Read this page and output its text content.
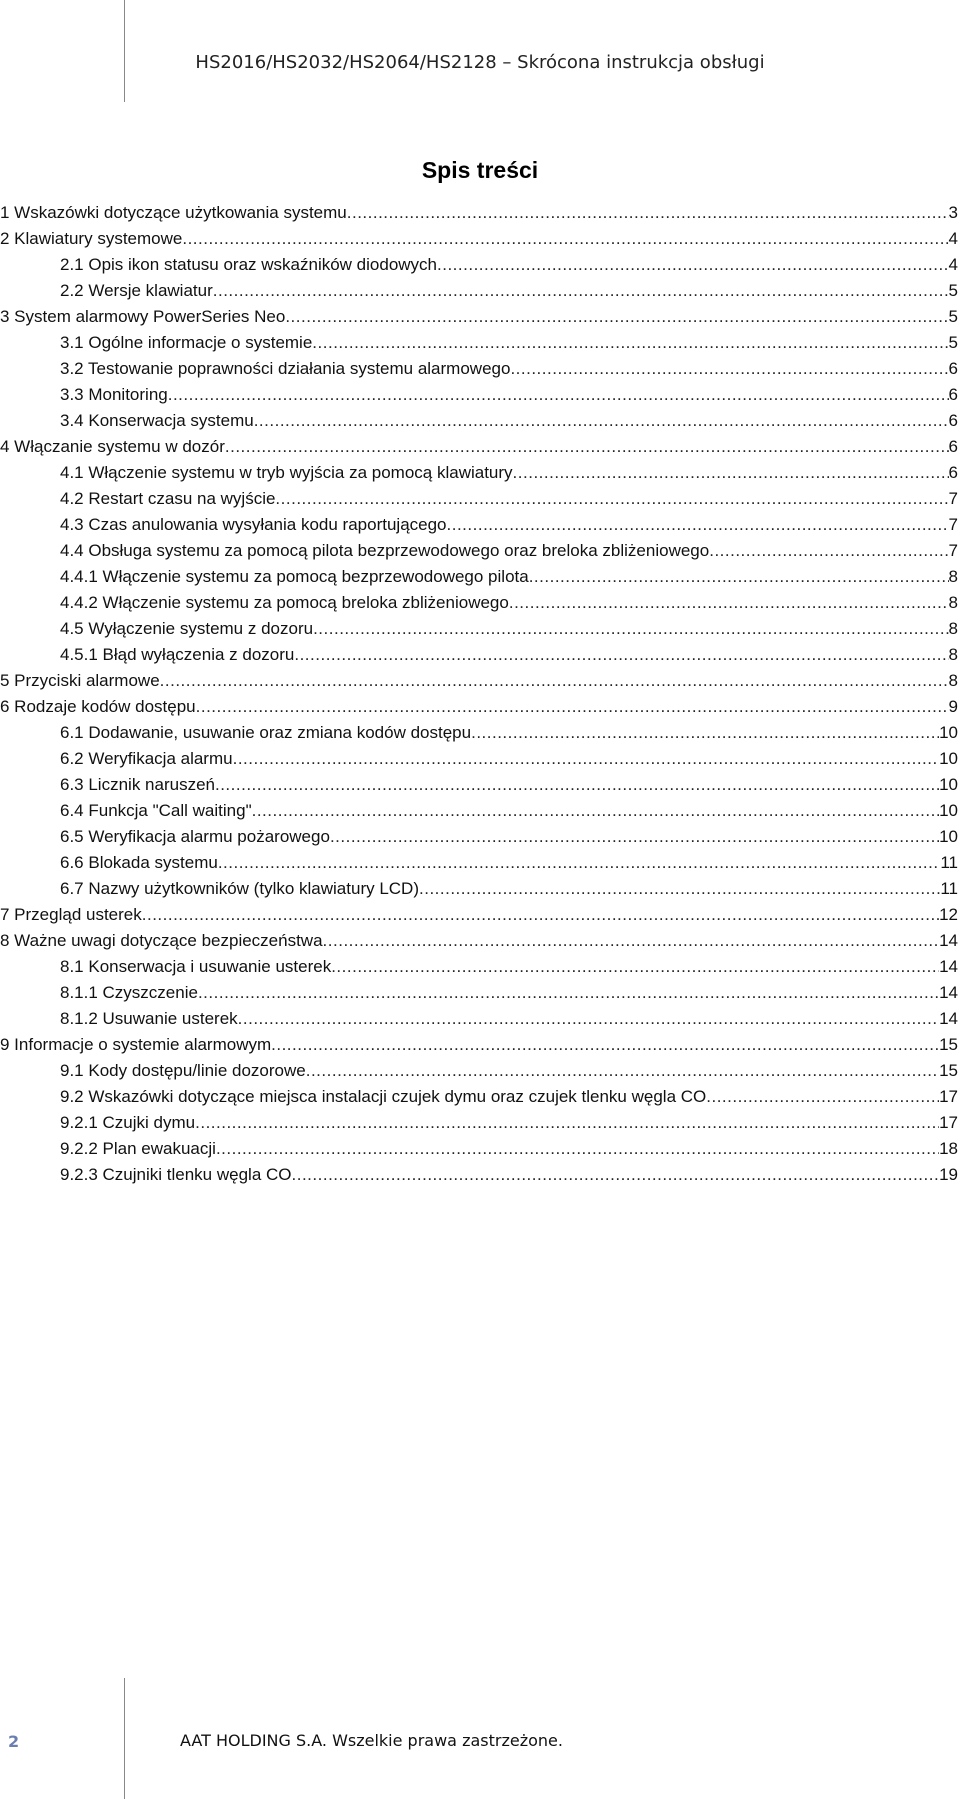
HS2016/HS2032/HS2064/HS2128 – Skrócona instrukcja obsługi
Spis treści
1 Wskazówki dotyczące użytkowania systemu .....	3
2 Klawiatury systemowe .....	4
2.1 Opis ikon statusu oraz wskaźników diodowych .....	4
2.2 Wersje klawiatur .....	5
3 System alarmowy PowerSeries Neo .....	5
3.1 Ogólne informacje o systemie .....	5
3.2 Testowanie poprawności działania systemu alarmowego .....	6
3.3 Monitoring .....	6
3.4 Konserwacja systemu .....	6
4 Włączanie systemu w dozór .....	6
4.1 Włączenie systemu w tryb wyjścia za pomocą klawiatury .....	6
4.2 Restart czasu na wyjście .....	7
4.3 Czas anulowania wysyłania kodu raportującego .....	7
4.4 Obsługa systemu za pomocą pilota bezprzewodowego oraz breloka zbliżeniowego .....	7
4.4.1 Włączenie systemu za pomocą bezprzewodowego pilota .....	8
4.4.2 Włączenie systemu za pomocą breloka zbliżeniowego .....	8
4.5 Wyłączenie systemu z dozoru .....	8
4.5.1 Błąd wyłączenia z dozoru .....	8
5 Przyciski alarmowe .....	8
6 Rodzaje kodów dostępu .....	9
6.1 Dodawanie, usuwanie oraz zmiana kodów dostępu .....	10
6.2 Weryfikacja alarmu .....	10
6.3 Licznik naruszeń .....	10
6.4 Funkcja "Call waiting" .....	10
6.5 Weryfikacja alarmu pożarowego .....	10
6.6 Blokada systemu .....	11
6.7 Nazwy użytkowników (tylko klawiatury LCD) .....	11
7 Przegląd usterek .....	12
8 Ważne uwagi dotyczące bezpieczeństwa .....	14
8.1 Konserwacja i usuwanie usterek .....	14
8.1.1 Czyszczenie .....	14
8.1.2 Usuwanie usterek .....	14
9 Informacje o systemie alarmowym .....	15
9.1 Kody dostępu/linie dozorowe .....	15
9.2 Wskazówki dotyczące miejsca instalacji czujek dymu oraz czujek tlenku węgla CO .....	17
9.2.1 Czujki dymu .....	17
9.2.2 Plan ewakuacji .....	18
9.2.3 Czujniki tlenku węgla CO .....	19
2	AAT HOLDING S.A. Wszelkie prawa zastrzeżone.
